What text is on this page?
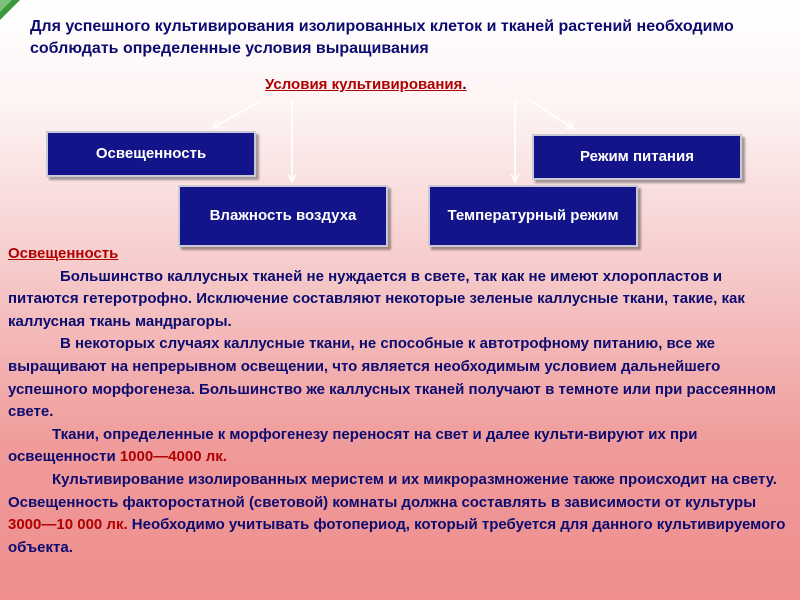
Для успешного культивирования изолированных клеток и тканей растений необходимо соблюдать определенные условия выращивания
Условия культивирования.
Освещенность	Режим питания
Влажность воздуха	Температурный режим

Освещенность

Большинство каллусных тканей не нуждается в свете, так как не имеют хлоропластов и питаются гетеротрофно. Исключение составляют некоторые зеленые каллусные ткани, такие, как каллусная ткань мандрагоры.

В некоторых случаях каллусные ткани, не способные к автотрофному питанию, все же выращивают на непрерывном освещении, что является необходимым условием дальнейшего успешного морфогенеза. Большинство же каллусных тканей получают в темноте или при рассеянном свете.

Ткани, определенные к морфогенезу переносят на свет и далее культи-вируют их при освещенности 1000—4000 лк.

Культивирование изолированных меристем и их микроразмножение также происходит на свету. Освещенность факторостатной (световой) комнаты должна составлять в зависимости от культуры 3000—10 000 лк. Необходимо учитывать фотопериод, который требуется для данного культивируемого объекта.
